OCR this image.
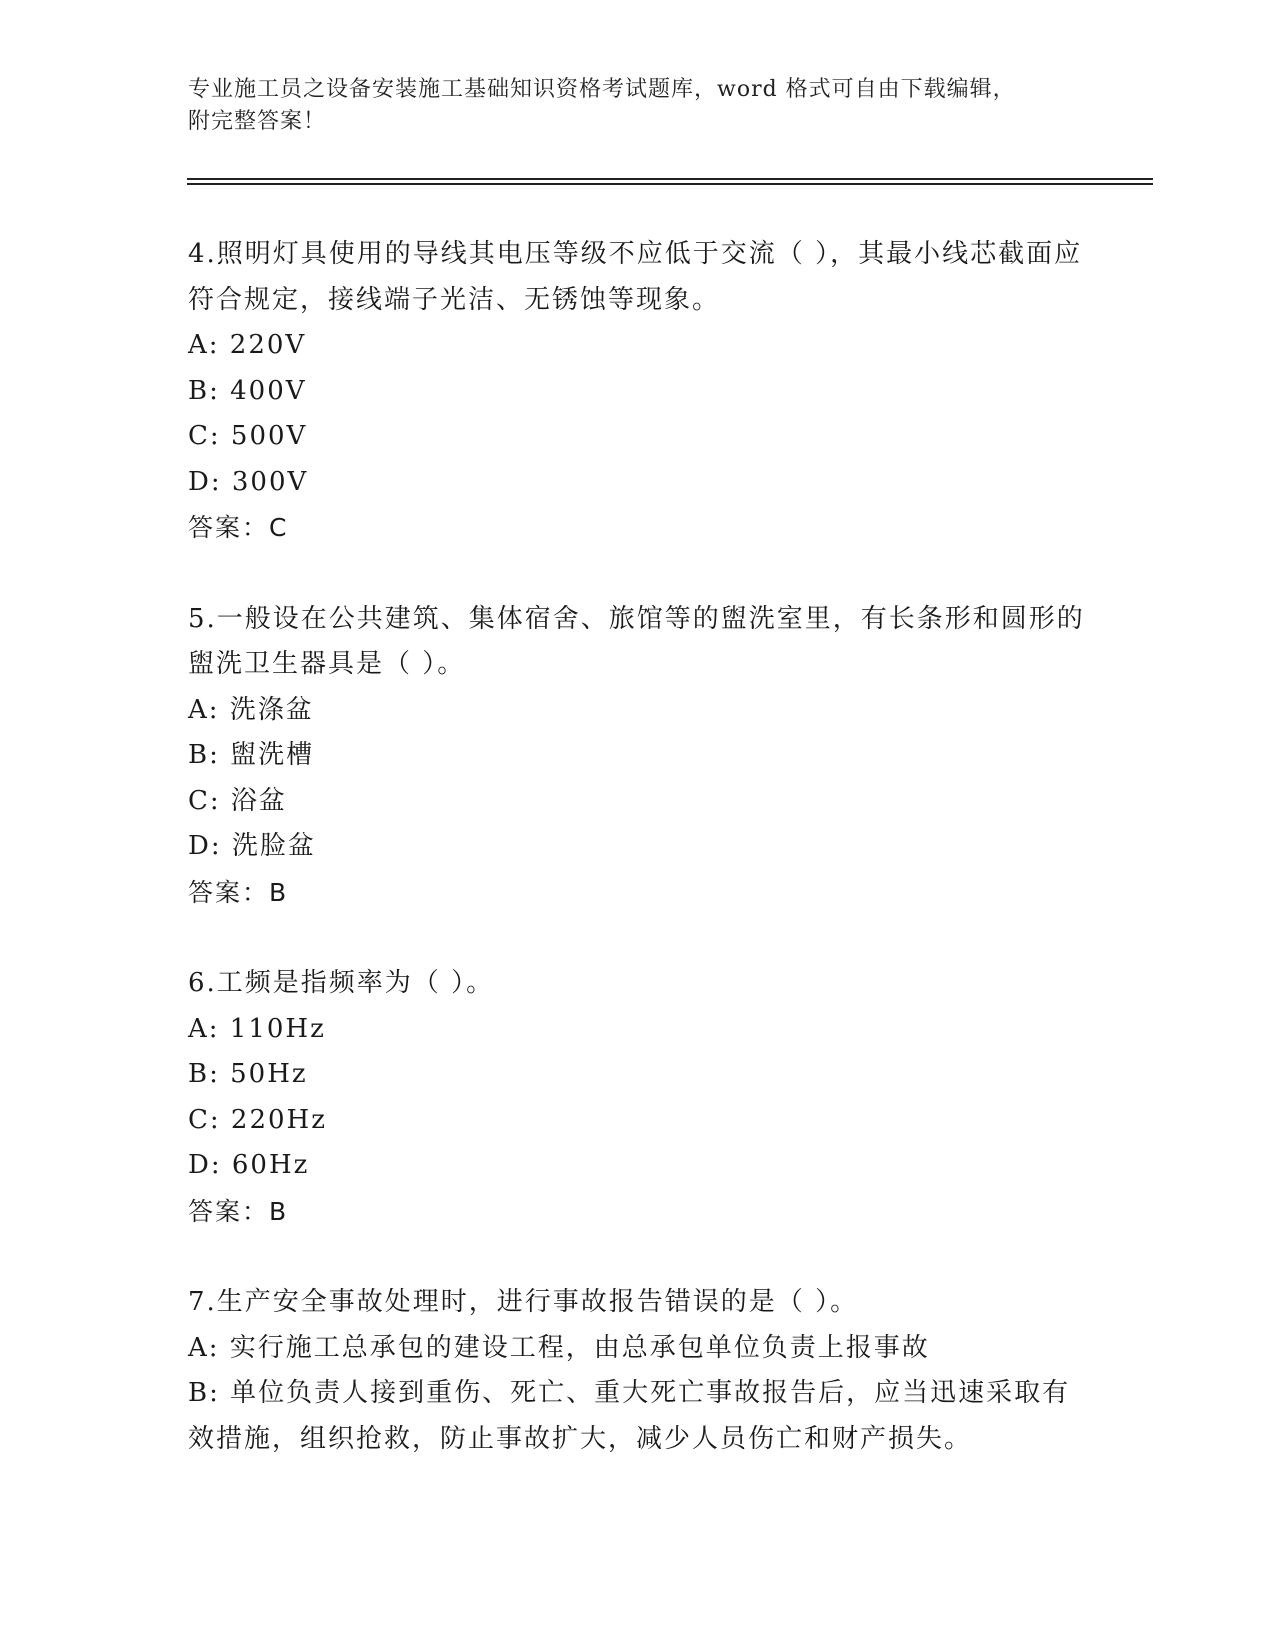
专业施工员之设备安装施工基础知识资格考试题库，word 格式可自由下载编辑，
附完整答案！
4.照明灯具使用的导线其电压等级不应低于交流（ ），其最小线芯截面应符合规定，接线端子光洁、无锈蚀等现象。
A: 220V
B: 400V
C: 500V
D: 300V
答案：C
5.一般设在公共建筑、集体宿舍、旅馆等的盥洗室里，有长条形和圆形的盥洗卫生器具是（ ）。
A: 洗涤盆
B: 盥洗槽
C: 浴盆
D: 洗脸盆
答案：B
6.工频是指频率为（ ）。
A: 110Hz
B: 50Hz
C: 220Hz
D: 60Hz
答案：B
7.生产安全事故处理时，进行事故报告错误的是（ ）。
A: 实行施工总承包的建设工程，由总承包单位负责上报事故
B: 单位负责人接到重伤、死亡、重大死亡事故报告后，应当迅速采取有效措施，组织抢救，防止事故扩大，减少人员伤亡和财产损失。
